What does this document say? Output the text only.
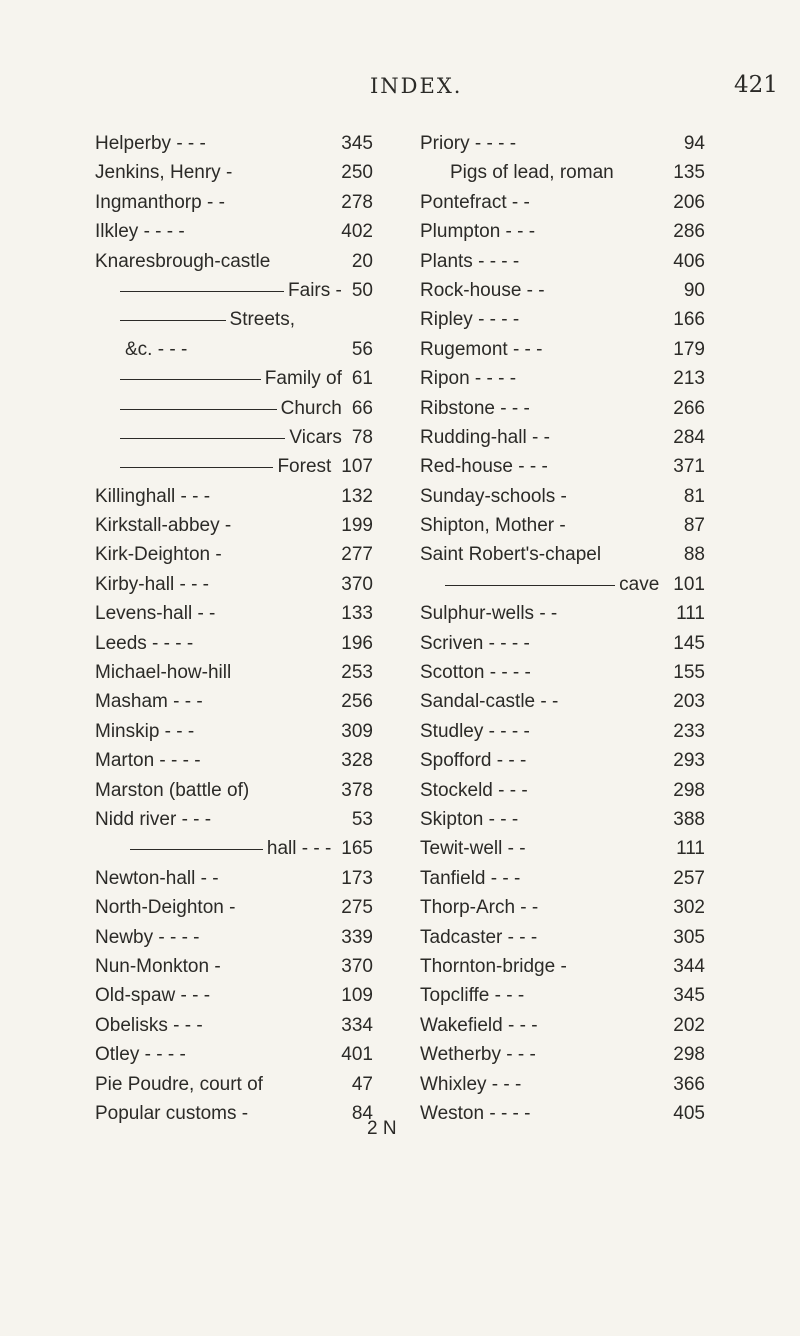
INDEX.	421
Helperby - - -	345
Jenkins, Henry -	250
Ingmanthorp - -	278
Ilkley - - - -	402
Knaresbrough-castle	20
Fairs - 50
Streets,
&c. - - -	56
Family of 61
Church 66
Vicars 78
Forest 107
Killinghall - - -	132
Kirkstall-abbey -	199
Kirk-Deighton -	277
Kirby-hall - - -	370
Levens-hall - -	133
Leeds - - - -	196
Michael-how-hill	253
Masham - - -	256
Minskip - - -	309
Marton - - - -	328
Marston (battle of)	378
Nidd river - - -	53
hall - - - 165
Newton-hall - -	173
North-Deighton -	275
Newby - - - -	339
Nun-Monkton -	370
Old-spaw - - -	109
Obelisks - - -	334
Otley - - - -	401
Pie Poudre, court of	47
Popular customs -	84
Priory - - - -	94
Pigs of lead, roman	135
Pontefract - -	206
Plumpton - - -	286
Plants - - - -	406
Rock-house - -	90
Ripley - - - -	166
Rugemont - - -	179
Ripon - - - -	213
Ribstone - - -	266
Rudding-hall - -	284
Red-house - - -	371
Sunday-schools -	81
Shipton, Mother -	87
Saint Robert's-chapel	88
cave 101
Sulphur-wells - -	111
Scriven - - - -	145
Scotton - - - -	155
Sandal-castle - -	203
Studley - - - -	233
Spofford - - -	293
Stockeld - - -	298
Skipton - - -	388
Tewit-well - -	111
Tanfield - - -	257
Thorp-Arch - -	302
Tadcaster - - -	305
Thornton-bridge -	344
Topcliffe - - -	345
Wakefield - - -	202
Wetherby - - -	298
Whixley - - -	366
Weston - - - -	405
2 N
